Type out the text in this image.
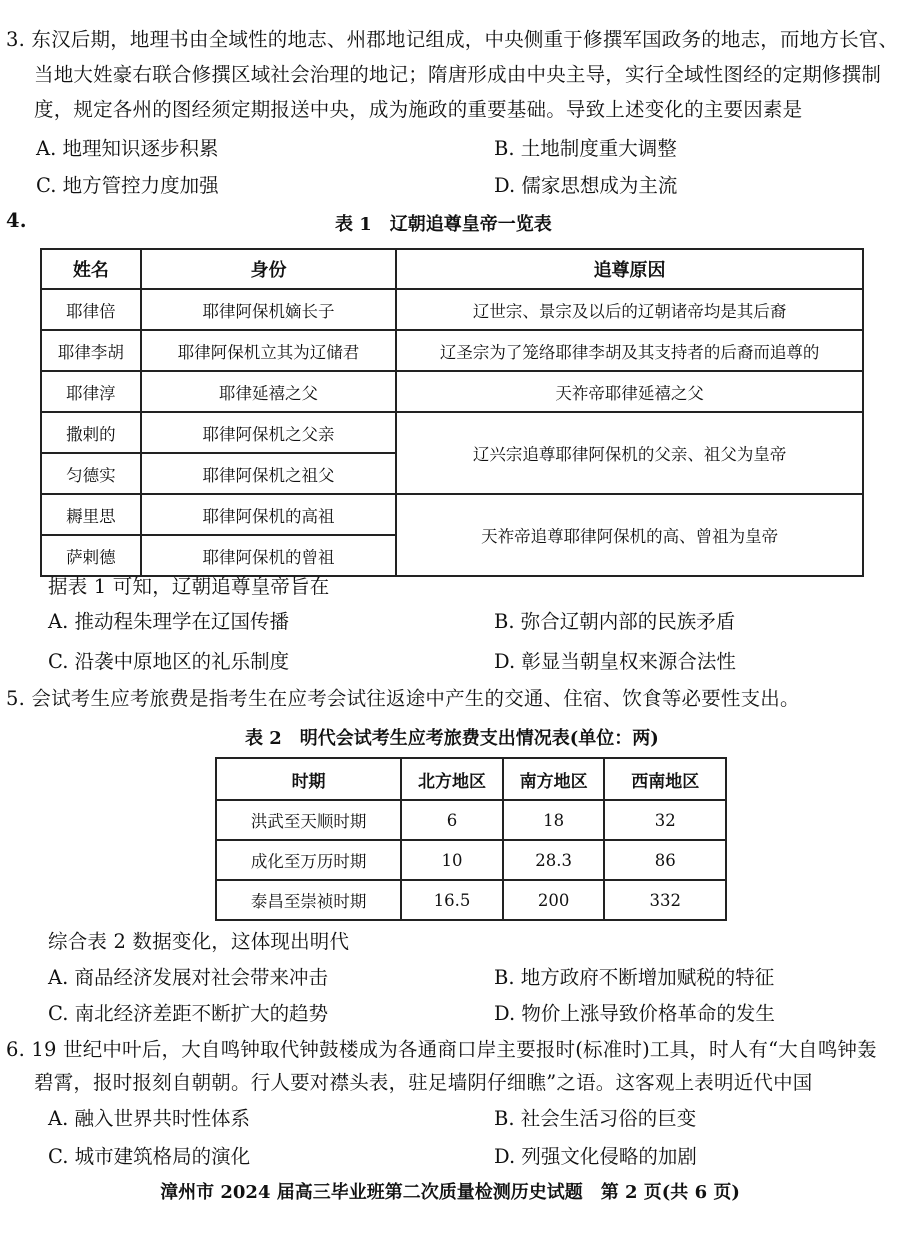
3. 东汉后期，地理书由全域性的地志、州郡地记组成，中央侧重于修撰军国政务的地志，而地方长官、
当地大姓豪右联合修撰区域社会治理的地记；隋唐形成由中央主导，实行全域性图经的定期修撰制
度，规定各州的图经须定期报送中央，成为施政的重要基础。导致上述变化的主要因素是
A. 地理知识逐步积累	B. 土地制度重大调整
C. 地方管控力度加强	D. 儒家思想成为主流
4.	表 1　辽朝追尊皇帝一览表
姓名	身份	追尊原因
耶律倍	耶律阿保机嫡长子	辽世宗、景宗及以后的辽朝诸帝均是其后裔
耶律李胡	耶律阿保机立其为辽储君	辽圣宗为了笼络耶律李胡及其支持者的后裔而追尊的
耶律淳	耶律延禧之父	天祚帝耶律延禧之父
撒剌的	耶律阿保机之父亲	辽兴宗追尊耶律阿保机的父亲、祖父为皇帝
匀德实	耶律阿保机之祖父	
耨里思	耶律阿保机的高祖	天祚帝追尊耶律阿保机的高、曾祖为皇帝
萨剌德	耶律阿保机的曾祖	
据表 1 可知，辽朝追尊皇帝旨在
A. 推动程朱理学在辽国传播	B. 弥合辽朝内部的民族矛盾
C. 沿袭中原地区的礼乐制度	D. 彰显当朝皇权来源合法性
5. 会试考生应考旅费是指考生在应考会试往返途中产生的交通、住宿、饮食等必要性支出。
表 2　明代会试考生应考旅费支出情况表(单位：两)
时期	北方地区	南方地区	西南地区
洪武至天顺时期	6	18	32
成化至万历时期	10	28.3	86
泰昌至崇祯时期	16.5	200	332
综合表 2 数据变化，这体现出明代
A. 商品经济发展对社会带来冲击	B. 地方政府不断增加赋税的特征
C. 南北经济差距不断扩大的趋势	D. 物价上涨导致价格革命的发生
6. 19 世纪中叶后，大自鸣钟取代钟鼓楼成为各通商口岸主要报时(标准时)工具，时人有“大自鸣钟轰
碧霄，报时报刻自朝朝。行人要对襟头表，驻足墙阴仔细瞧”之语。这客观上表明近代中国
A. 融入世界共时性体系	B. 社会生活习俗的巨变
C. 城市建筑格局的演化	D. 列强文化侵略的加剧
漳州市 2024 届高三毕业班第二次质量检测历史试题　第 2 页(共 6 页)
